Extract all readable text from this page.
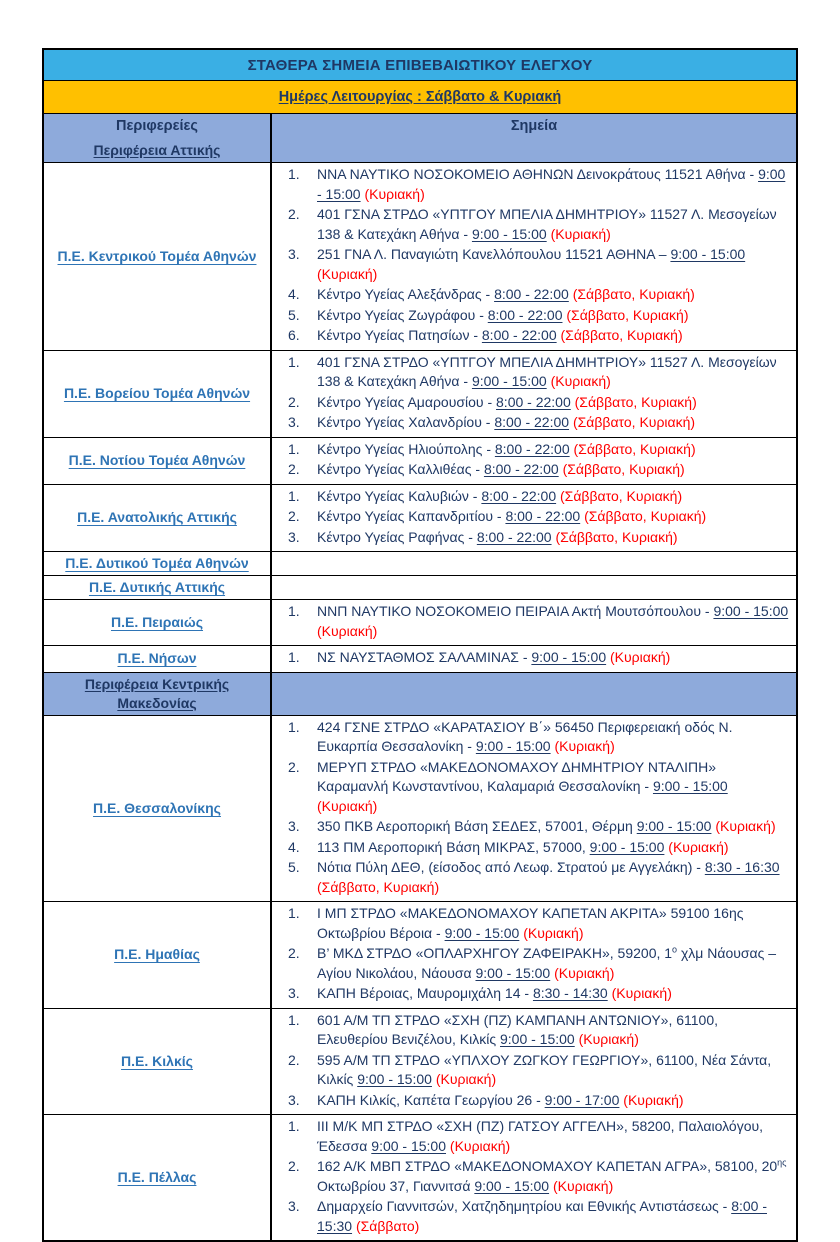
ΣΤΑΘΕΡΑ ΣΗΜΕΙΑ ΕΠΙΒΕΒΑΙΩΤΙΚΟΥ ΕΛΕΓΧΟΥ
Ημέρες Λειτουργίας : Σάββατο & Κυριακή
Περιφερείες	Σημεία
Περιφέρεια Αττικής
Π.Ε. Κεντρικού Τομέα Αθηνών
ΝΝΑ ΝΑΥΤΙΚΟ ΝΟΣΟΚΟΜΕΙΟ ΑΘΗΝΩΝ Δεινοκράτους 11521 Αθήνα - 9:00 - 15:00 (Κυριακή)
401 ΓΣΝΑ ΣΤΡΔΟ «ΥΠΤΓΟΥ ΜΠΕΛΙΑ ΔΗΜΗΤΡΙΟΥ» 11527 Λ. Μεσογείων 138 & Κατεχάκη Αθήνα - 9:00 - 15:00 (Κυριακή)
251 ΓΝΑ Λ. Παναγιώτη Κανελλόπουλου 11521 ΑΘΗΝΑ – 9:00 - 15:00 (Κυριακή)
Κέντρο Υγείας Αλεξάνδρας - 8:00 - 22:00 (Σάββατο, Κυριακή)
Κέντρο Υγείας Ζωγράφου - 8:00 - 22:00 (Σάββατο, Κυριακή)
Κέντρο Υγείας Πατησίων - 8:00 - 22:00 (Σάββατο, Κυριακή)
Π.Ε. Βορείου Τομέα Αθηνών
401 ΓΣΝΑ ΣΤΡΔΟ «ΥΠΤΓΟΥ ΜΠΕΛΙΑ ΔΗΜΗΤΡΙΟΥ» 11527 Λ. Μεσογείων 138 & Κατεχάκη Αθήνα - 9:00 - 15:00 (Κυριακή)
Κέντρο Υγείας Αμαρουσίου - 8:00 - 22:00 (Σάββατο, Κυριακή)
Κέντρο Υγείας Χαλανδρίου - 8:00 - 22:00 (Σάββατο, Κυριακή)
Π.Ε. Νοτίου Τομέα Αθηνών
Κέντρο Υγείας Ηλιούπολης - 8:00 - 22:00 (Σάββατο, Κυριακή)
Κέντρο Υγείας Καλλιθέας - 8:00 - 22:00 (Σάββατο, Κυριακή)
Π.Ε. Ανατολικής Αττικής
Κέντρο Υγείας Καλυβιών - 8:00 - 22:00 (Σάββατο, Κυριακή)
Κέντρο Υγείας Καπανδριτίου - 8:00 - 22:00 (Σάββατο, Κυριακή)
Κέντρο Υγείας Ραφήνας - 8:00 - 22:00 (Σάββατο, Κυριακή)
Π.Ε. Δυτικού Τομέα Αθηνών
Π.Ε. Δυτικής Αττικής
Π.Ε. Πειραιώς
ΝΝΠ ΝΑΥΤΙΚΟ ΝΟΣΟΚΟΜΕΙΟ ΠΕΙΡΑΙΑ Ακτή Μουτσόπουλου - 9:00 - 15:00 (Κυριακή)
Π.Ε. Νήσων	ΝΣ ΝΑΥΣΤΑΘΜΟΣ ΣΑΛΑΜΙΝΑΣ - 9:00 - 15:00 (Κυριακή)
Περιφέρεια Κεντρικής Μακεδονίας
Π.Ε. Θεσσαλονίκης
424 ΓΣΝΕ ΣΤΡΔΟ «ΚΑΡΑΤΑΣΙΟΥ Β΄» 56450 Περιφερειακή οδός Ν. Ευκαρπία Θεσσαλονίκη - 9:00 - 15:00 (Κυριακή)
ΜΕΡΥΠ ΣΤΡΔΟ «ΜΑΚΕΔΟΝΟΜΑΧΟΥ ΔΗΜΗΤΡΙΟΥ ΝΤΑΛΙΠΗ»
Καραμανλή Κωνσταντίνου, Καλαμαριά Θεσσαλονίκη - 9:00 - 15:00 (Κυριακή)
350 ΠΚΒ Αεροπορική Βάση ΣΕΔΕΣ, 57001, Θέρμη 9:00 - 15:00 (Κυριακή)
113 ΠΜ Αεροπορική Βάση ΜΙΚΡΑΣ, 57000, 9:00 - 15:00 (Κυριακή)
Νότια Πύλη ΔΕΘ, (είσοδος από Λεωφ. Στρατού με Αγγελάκη) - 8:30 - 16:30 (Σάββατο, Κυριακή)
Π.Ε. Ημαθίας
Ι ΜΠ ΣΤΡΔΟ «ΜΑΚΕΔΟΝΟΜΑΧΟΥ ΚΑΠΕΤΑΝ ΑΚΡΙΤΑ» 59100 16ης Οκτωβρίου Βέροια - 9:00 - 15:00 (Κυριακή)
Β’ ΜΚΔ ΣΤΡΔΟ «ΟΠΛΑΡΧΗΓΟΥ ΖΑΦΕΙΡΑΚΗ», 59200, $1^o$ χλμ Νάουσας – Αγίου Νικολάου, Νάουσα 9:00 - 15:00 (Κυριακή)
ΚΑΠΗ Βέροιας, Μαυρομιχάλη 14 - 8:30 - 14:30 (Κυριακή)
Π.Ε. Κιλκίς
601 Α/Μ ΤΠ ΣΤΡΔΟ «ΣΧΗ (ΠΖ) ΚΑΜΠΑΝΗ ΑΝΤΩΝΙΟΥ», 61100, Ελευθερίου Βενιζέλου, Κιλκίς 9:00 - 15:00 (Κυριακή)
595 Α/Μ ΤΠ ΣΤΡΔΟ «ΥΠΛΧΟΥ ΖΩΓΚΟΥ ΓΕΩΡΓΙΟΥ», 61100, Νέα Σάντα, Κιλκίς 9:00 - 15:00 (Κυριακή)
ΚΑΠΗ Κιλκίς, Καπέτα Γεωργίου 26 - 9:00 - 17:00 (Κυριακή)
Π.Ε. Πέλλας
ΙΙΙ Μ/Κ ΜΠ ΣΤΡΔΟ «ΣΧΗ (ΠΖ) ΓΑΤΣΟΥ ΑΓΓΕΛΗ», 58200, Παλαιολόγου, Έδεσσα 9:00 - 15:00 (Κυριακή)
162 Α/Κ ΜΒΠ ΣΤΡΔΟ «ΜΑΚΕΔΟΝΟΜΑΧΟΥ ΚΑΠΕΤΑΝ ΑΓΡΑ», 58100, $20^{\eta\varsigma}$ Οκτωβρίου 37, Γιαννιτσά 9:00 - 15:00 (Κυριακή)
Δημαρχείο Γιαννιτσών, Χατζηδημητρίου και Εθνικής Αντιστάσεως - 8:00 - 15:30 (Σάββατο)
